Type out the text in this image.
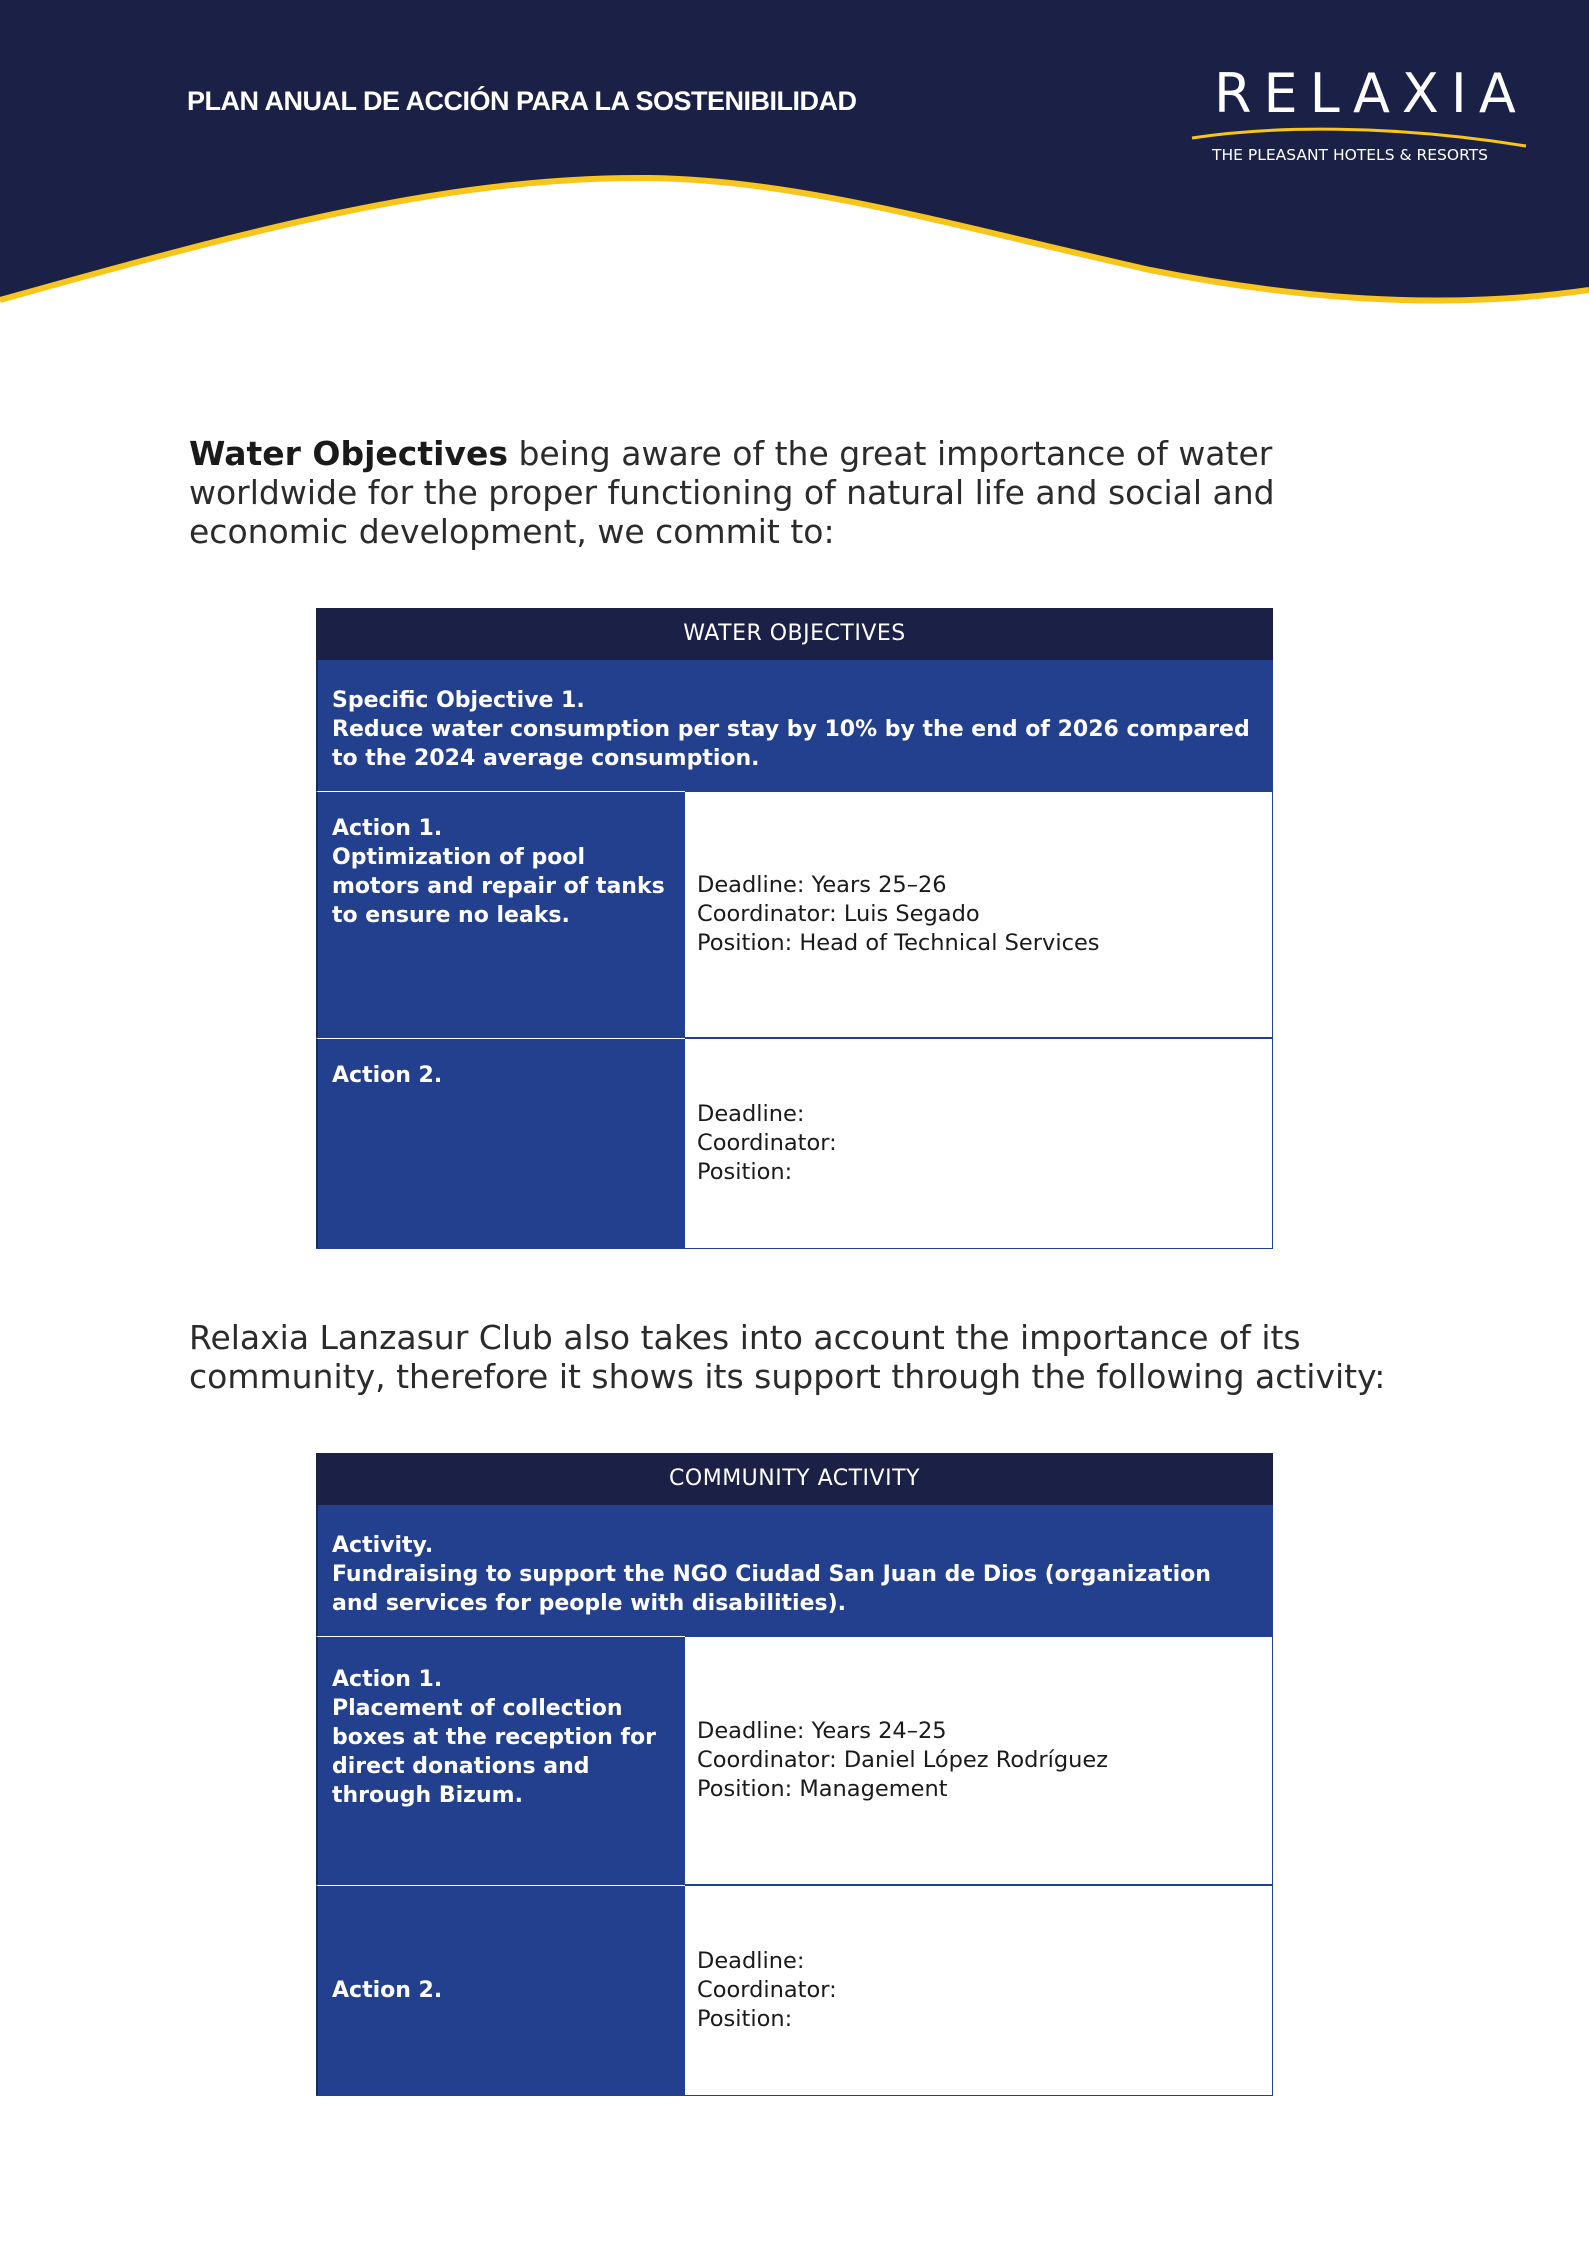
PLAN ANUAL DE ACCIÓN PARA LA SOSTENIBILIDAD	RELAXIA
THE PLEASANT HOTELS & RESORTS
Water Objectives being aware of the great importance of water worldwide for the proper functioning of natural life and social and economic development, we commit to:
WATER OBJECTIVES
Specific Objective 1.
Reduce water consumption per stay by 10% by the end of 2026 compared to the 2024 average consumption.
Action 1.
Optimization of pool motors and repair of tanks to ensure no leaks.
Deadline: Years 25–26
Coordinator: Luis Segado
Position: Head of Technical Services
Action 2.
Deadline:
Coordinator:
Position:
Relaxia Lanzasur Club also takes into account the importance of its community, therefore it shows its support through the following activity:
COMMUNITY ACTIVITY
Activity.
Fundraising to support the NGO Ciudad San Juan de Dios (organization and services for people with disabilities).
Action 1.
Placement of collection boxes at the reception for direct donations and through Bizum.
Deadline: Years 24–25
Coordinator: Daniel López Rodríguez
Position: Management
Action 2.
Deadline:
Coordinator:
Position:
